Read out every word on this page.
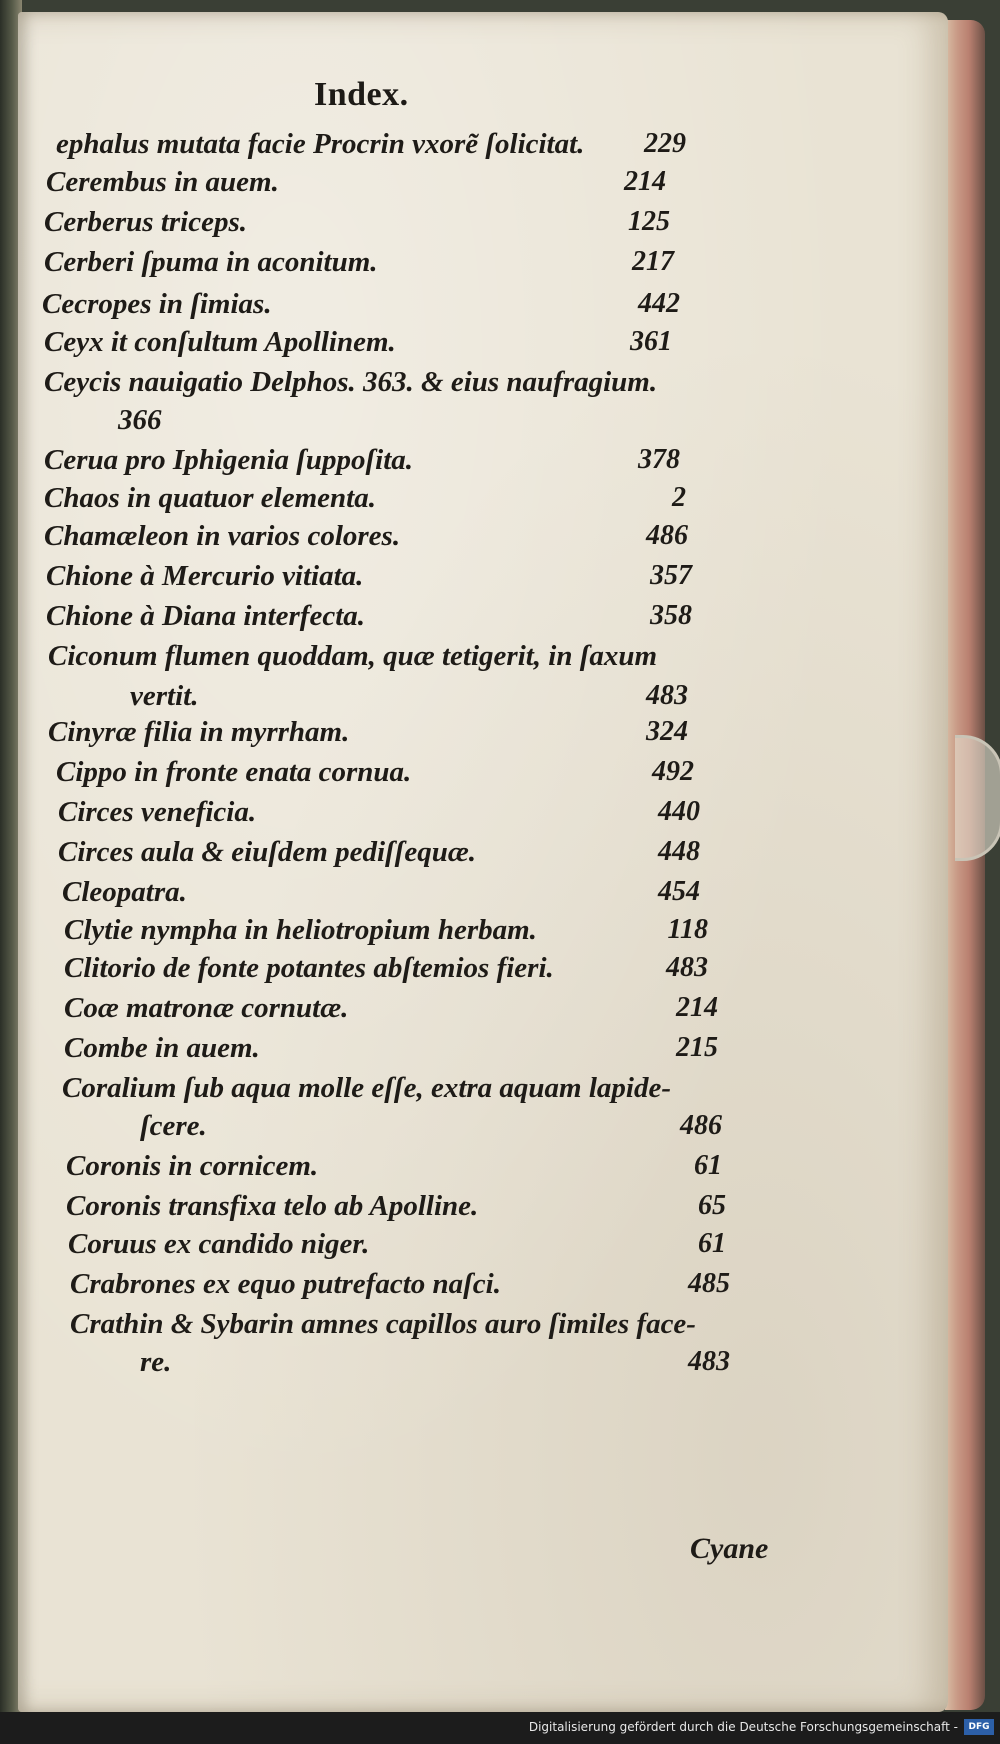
Index.
ephalus mutata facie Procrin vxorẽ ſolicitat.	229
Cerembus in auem.	214
Cerberus triceps.	125
Cerberi ſpuma in aconitum.	217
Cecropes in ſimias.	442
Ceyx it conſultum Apollinem.	361
Ceycis nauigatio Delphos. 363. & eius naufragium.
366
Cerua pro Iphigenia ſuppoſita.	378
Chaos in quatuor elementa.	2
Chamæleon in varios colores.	486
Chione à Mercurio vitiata.	357
Chione à Diana interfecta.	358
Ciconum flumen quoddam, quæ tetigerit, in ſaxum
vertit.	483
Cinyræ filia in myrrham.	324
Cippo in fronte enata cornua.	492
Circes veneficia.	440
Circes aula & eiuſdem pediſſequæ.	448
Cleopatra.	454
Clytie nympha in heliotropium herbam.	118
Clitorio de fonte potantes abſtemios fieri.	483
Coæ matronæ cornutæ.	214
Combe in auem.	215
Coralium ſub aqua molle eſſe, extra aquam lapide-
ſcere.	486
Coronis in cornicem.	61
Coronis transfixa telo ab Apolline.	65
Coruus ex candido niger.	61
Crabrones ex equo putrefacto naſci.	485
Crathin & Sybarin amnes capillos auro ſimiles face-
re.	483
Cyane
Digitalisierung gefördert durch die Deutsche Forschungsgemeinschaft -	DFG
